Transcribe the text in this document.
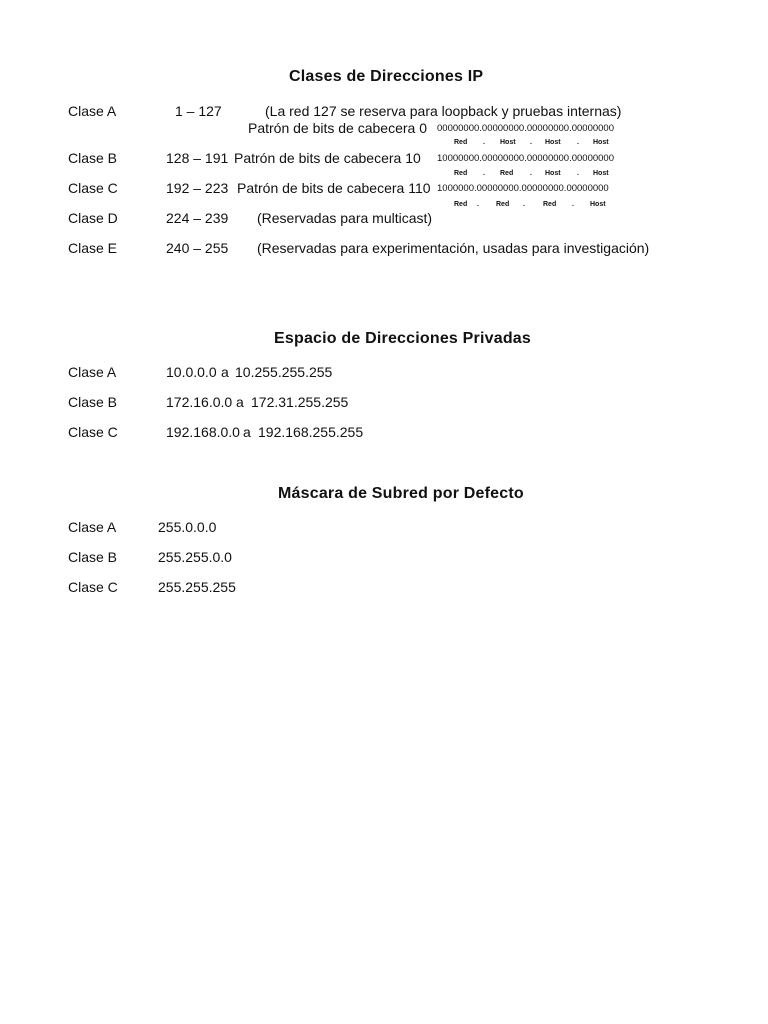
Clases de Direcciones IP
Clase A	1 – 127	(La red 127 se reserva para loopback y pruebas internas)
Patrón de bits de cabecera 0 00000000.00000000.00000000.00000000
Red . Host . Host . Host
Clase B	128 – 191 Patrón de bits de cabecera 10 10000000.00000000.00000000.00000000
Red . Red . Host . Host
Clase C	192 – 223 Patrón de bits de cabecera 110 1000000.00000000.00000000.00000000
Red . Red .	Red . Host
Clase D	224 – 239 (Reservadas para multicast)
Clase E	240 – 255 (Reservadas para experimentación, usadas para investigación)
Espacio de Direcciones Privadas
Clase A	10.0.0.0 a 10.255.255.255
Clase B	172.16.0.0 a 172.31.255.255
Clase C	192.168.0.0 a 192.168.255.255
Máscara de Subred por Defecto
Clase A	255.0.0.0
Clase B	255.255.0.0
Clase C	255.255.255
